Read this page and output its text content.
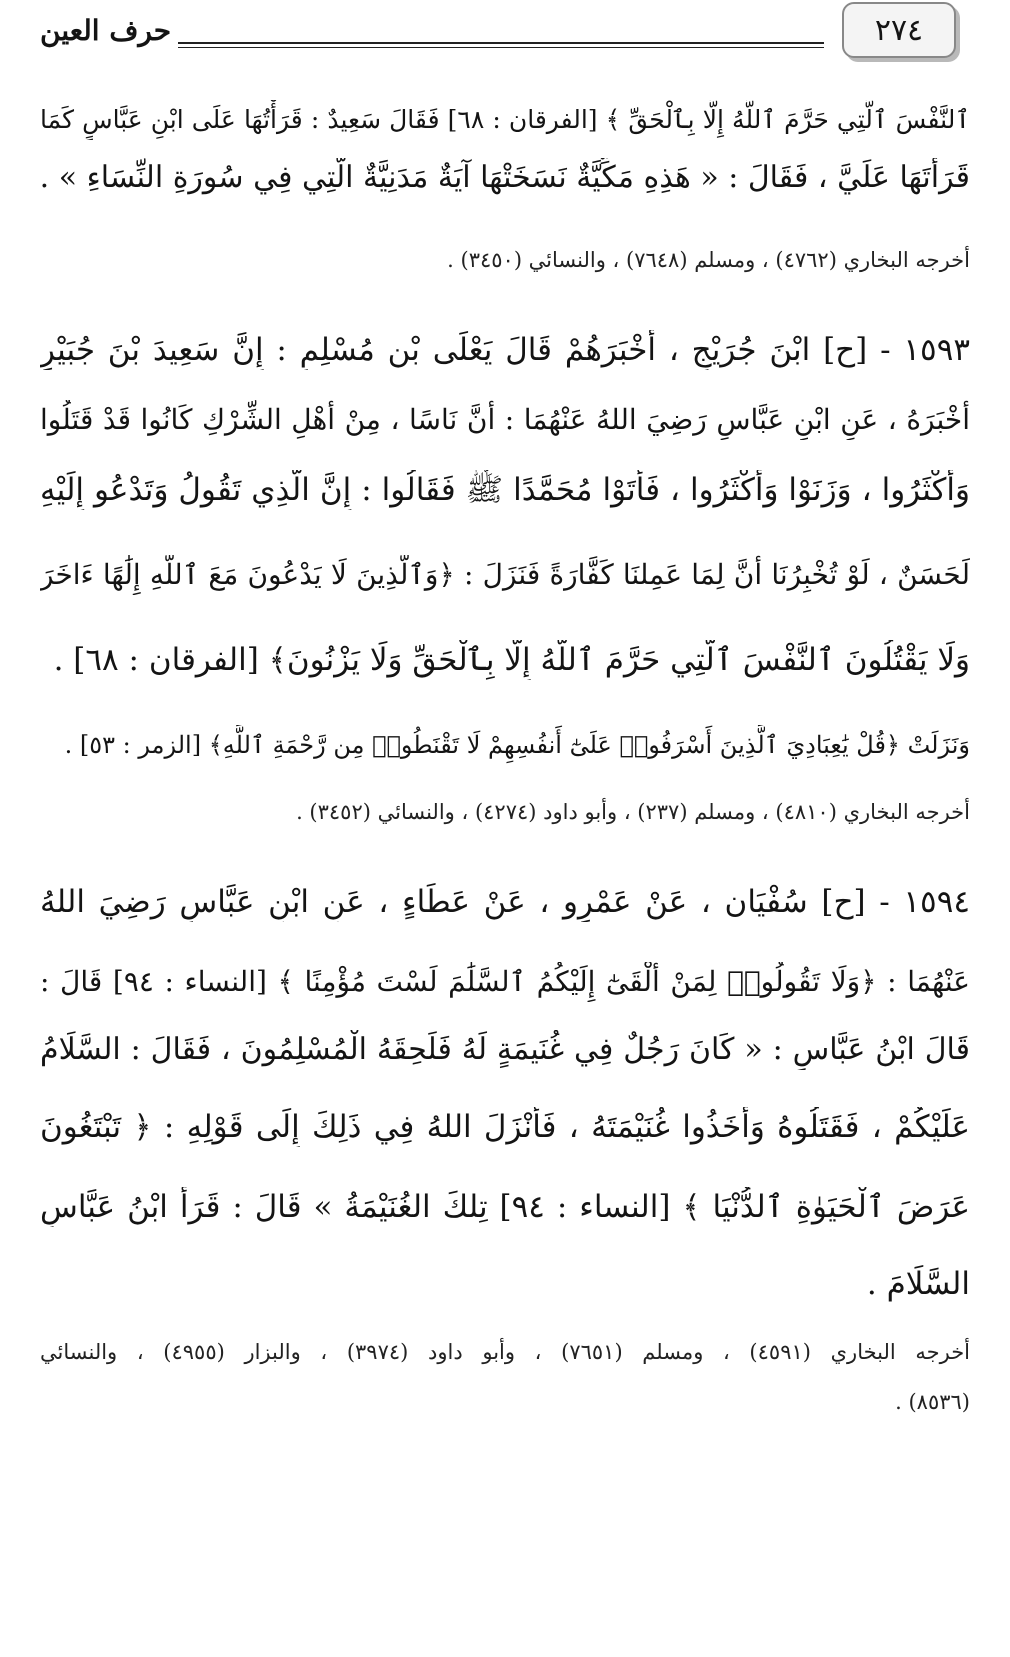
٢٧٤
حرف العين
ٱلنَّفْسَ ٱلَّتِي حَرَّمَ ٱللَّهُ إِلَّا بِٱلْحَقِّ ﴾ [الفرقان : ٦٨] فَقَالَ سَعِيدٌ : قَرَأْتُهَا عَلَى ابْنِ عَبَّاسٍ كَمَا
قَرَأْتَهَا عَلَيَّ ، فَقَالَ : « هَذِهِ مَكِّيَّةٌ نَسَخَتْهَا آيَةٌ مَدَنِيَّةٌ الَّتِي فِي سُورَةِ النِّسَاءِ » .
أخرجه البخاري (٤٧٦٢) ، ومسلم (٧٦٤٨) ، والنسائي (٣٤٥٠) .
١٥٩٣ - [ح] ابْنَ جُرَيْجٍ ، أَخْبَرَهُمْ قَالَ يَعْلَى بْن مُسْلِمٍ : إِنَّ سَعِيدَ بْنَ جُبَيْرٍ
أَخْبَرَهُ ، عَنِ ابْنِ عَبَّاسٍ رَضِيَ اللهُ عَنْهُمَا : أَنَّ نَاسًا ، مِنْ أَهْلِ الشِّرْكِ كَانُوا قَدْ قَتَلُوا
وَأَكْثَرُوا ، وَزَنَوْا وَأَكْثَرُوا ، فَأَتَوْا مُحَمَّدًا ﷺ فَقَالُوا : إِنَّ الَّذِي تَقُولُ وَتَدْعُو إِلَيْهِ
لَحَسَنٌ ، لَوْ تُخْبِرُنَا أَنَّ لِمَا عَمِلنَا كَفَّارَةً فَنَزَلَ : ﴿وَٱلَّذِينَ لَا يَدْعُونَ مَعَ ٱللَّهِ إِلَٰهًا ءَاخَرَ
وَلَا يَقْتُلُونَ ٱلنَّفْسَ ٱلَّتِي حَرَّمَ ٱللَّهُ إِلَّا بِٱلْحَقِّ وَلَا يَزْنُونَ﴾ [الفرقان : ٦٨] .
وَنَزَلَتْ ﴿قُلْ يَٰعِبَادِيَ ٱلَّذِينَ أَسْرَفُوا۟ عَلَىٰٓ أَنفُسِهِمْ لَا تَقْنَطُوا۟ مِن رَّحْمَةِ ٱللَّهِ﴾ [الزمر : ٥٣] .
أخرجه البخاري (٤٨١٠) ، ومسلم (٢٣٧) ، وأبو داود (٤٢٧٤) ، والنسائي (٣٤٥٢) .
١٥٩٤ - [ح] سُفْيَان ، عَنْ عَمْرٍو ، عَنْ عَطَاءٍ ، عَنِ ابْنِ عَبَّاسٍ رَضِيَ اللهُ
عَنْهُمَا : ﴿وَلَا تَقُولُوا۟ لِمَنْ أَلْقَىٰٓ إِلَيْكُمُ ٱلسَّلَٰمَ لَسْتَ مُؤْمِنًا ﴾ [النساء : ٩٤] قَالَ :
قَالَ ابْنُ عَبَّاسٍ : « كَانَ رَجُلٌ فِي غُنَيمَةٍ لَهُ فَلَحِقَهُ الْمُسْلِمُونَ ، فَقَالَ : السَّلَامُ
عَلَيْكُمْ ، فَقَتَلُوهُ وَأَخَذُوا غُنَيْمَتَهُ ، فَأَنْزَلَ اللهُ فِي ذَلِكَ إِلَى قَوْلِهِ : ﴿ تَبْتَغُونَ
عَرَضَ ٱلْحَيَوٰةِ ٱلدُّنْيَا ﴾ [النساء : ٩٤] تِلكَ الغُنَيْمَةُ » قَالَ : قَرَأَ ابْنُ عَبَّاسٍ
السَّلَامَ .
أخرجه البخاري (٤٥٩١) ، ومسلم (٧٦٥١) ، وأبو داود (٣٩٧٤) ، والبزار (٤٩٥٥) ، والنسائي
(٨٥٣٦) .
